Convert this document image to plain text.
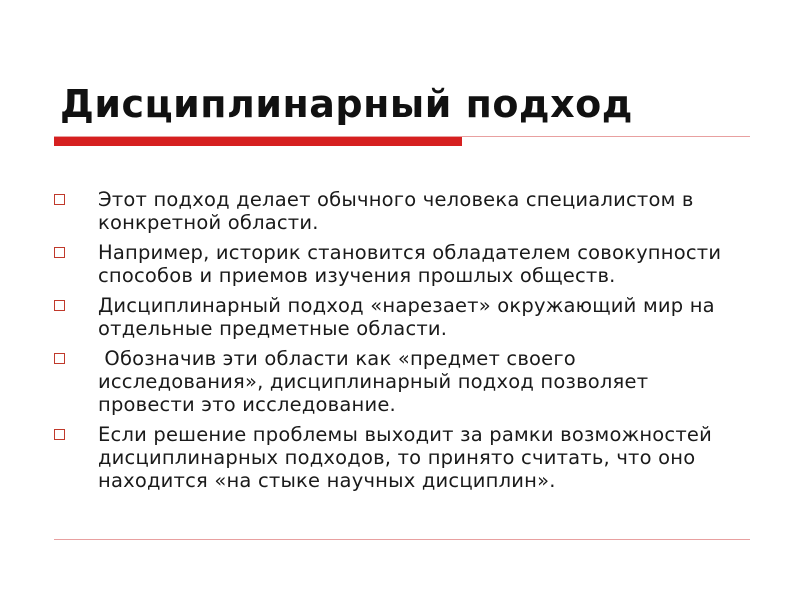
Дисциплинарный подход
Этот подход делает обычного человека специалистом в конкретной области.
Например, историк становится обладателем совокупности способов и приемов изучения прошлых обществ.
Дисциплинарный подход «нарезает» окружающий мир на отдельные предметные области.
Обозначив эти области как «предмет своего исследования», дисциплинарный подход позволяет провести это исследование.
Если решение проблемы выходит за рамки возможностей дисциплинарных подходов, то принято считать, что оно находится «на стыке научных дисциплин».
